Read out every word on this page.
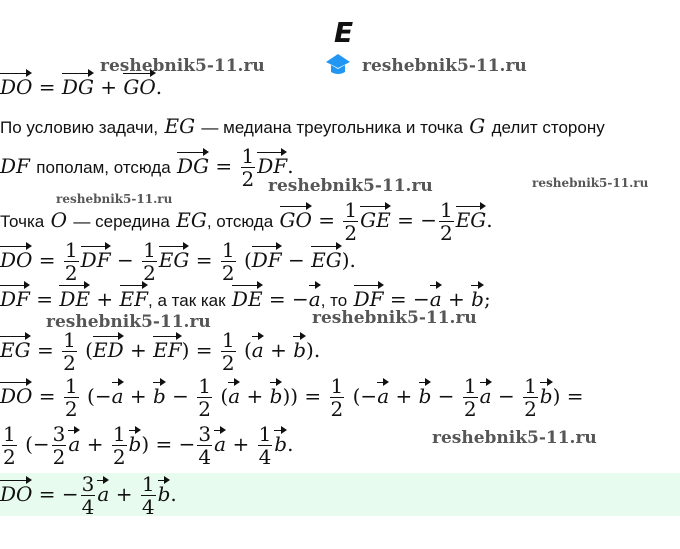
E
reshebnik5-11.ru	reshebnik5-11.ru
reshebnik5-11.ru	reshebnik5-11.ru
reshebnik5-11.ru
reshebnik5-11.ru	reshebnik5-11.ru
reshebnik5-11.ru
DO = DG + GO.
По условию задачи, EG — медиана треугольника и точка G делит сторону
DF пополам, отсюда DG = $\frac{1}{2}$ DF.
Точка O — середина EG, отсюда GO = $\frac{1}{2}$ GE = − $\frac{1}{2}$ EG.
DO = $\frac{1}{2}$ DF − $\frac{1}{2}$ EG = $\frac{1}{2} (DF - EG)$.
DF = DE + EF, а так как DE = −a, то DF = −a + b;
EG = $\frac{1}{2} (ED + EF) = \frac{1}{2} (a + b)$.
DO = $\frac{1}{2} (-a + b - \frac{1}{2} (a + b)) = \frac{1}{2} (-a + b - \frac{1}{2}$ $a - \frac{1}{2} b$) =
$\frac{1}{2}$ (− $\frac{3}{2}$ $a + \frac{1}{2} b$) = − $\frac{3}{4}$ $a + \frac{1}{4} b$.
DO = − $\frac{3}{4}$ $a + \frac{1}{4} b$.
